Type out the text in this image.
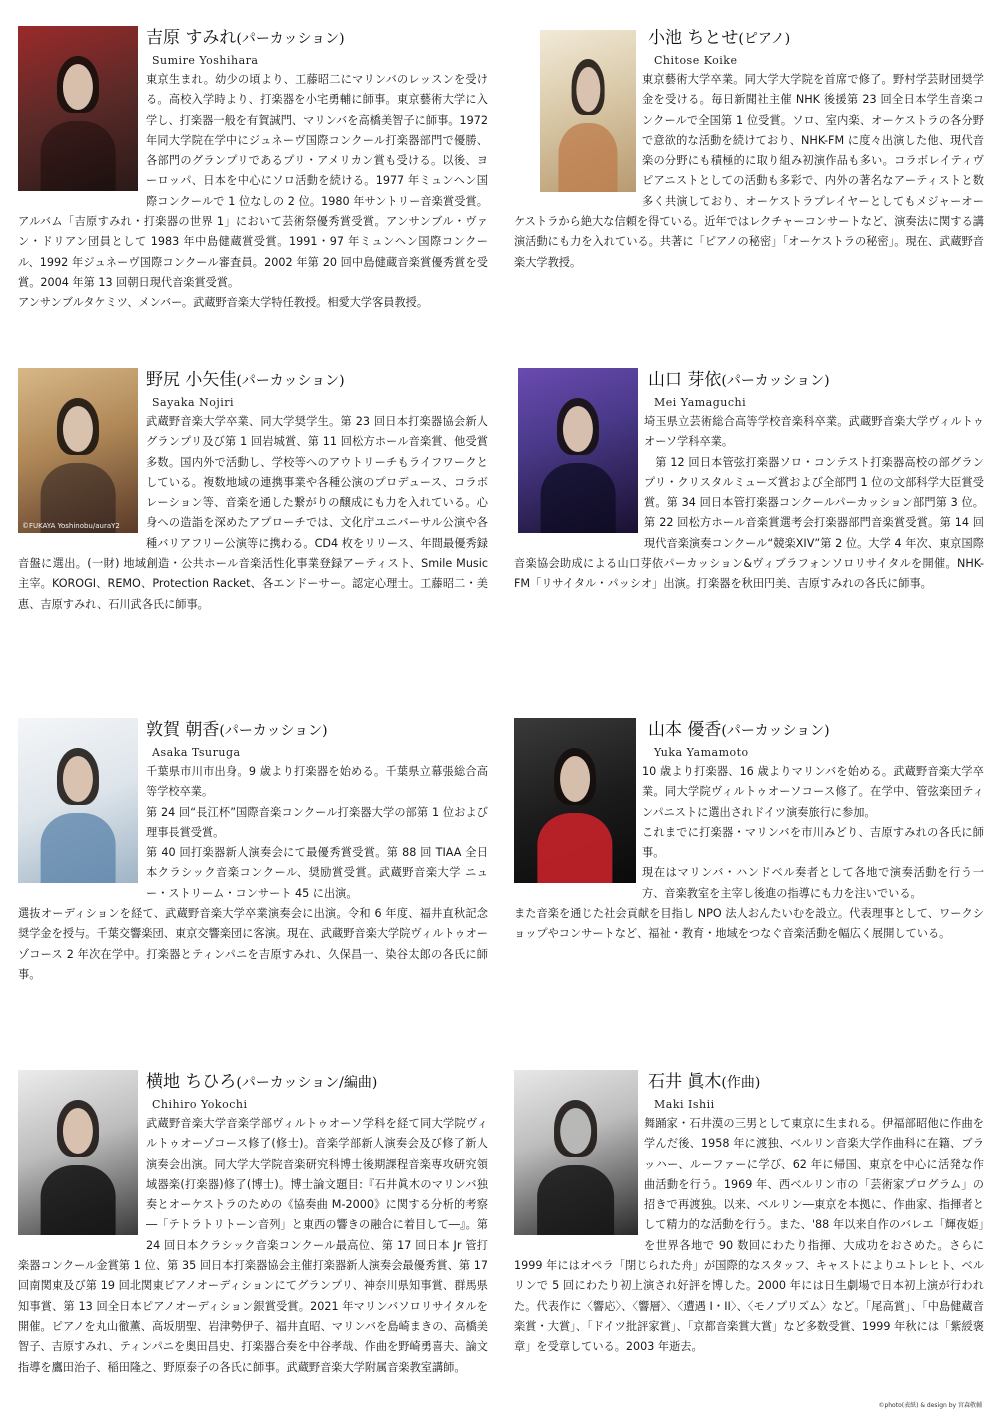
吉原 すみれ(パーカッション)
Sumire Yoshihara

東京生まれ。幼少の頃より、工藤昭二にマリンバのレッスンを受ける。高校入学時より、打楽器を小宅勇輔に師事。東京藝術大学に入学し、打楽器一般を有賀誠門、マリンバを高橋美智子に師事。1972 年同大学院在学中にジュネーヴ国際コンクール打楽器部門で優勝、各部門のグランプリであるプリ・アメリカン賞も受ける。以後、ヨーロッパ、日本を中心にソロ活動を続ける。1977 年ミュンヘン国際コンクールで 1 位なしの 2 位。1980 年サントリー音楽賞受賞。アルバム「吉原すみれ・打楽器の世界 1」において芸術祭優秀賞受賞。アンサンブル・ヴァン・ドリアン団員として 1983 年中島健蔵賞受賞。1991・97 年ミュンヘン国際コンクール、1992 年ジュネーヴ国際コンクール審査員。2002 年第 20 回中島健蔵音楽賞優秀賞を受賞。2004 年第 13 回朝日現代音楽賞受賞。

アンサンブルタケミツ、メンバー。武蔵野音楽大学特任教授。相愛大学客員教授。

小池 ちとせ(ピアノ)
Chitose Koike

東京藝術大学卒業。同大学大学院を首席で修了。野村学芸財団奨学金を受ける。毎日新聞社主催 NHK 後援第 23 回全日本学生音楽コンクールで全国第 1 位受賞。ソロ、室内楽、オーケストラの各分野で意欲的な活動を続けており、NHK-FM に度々出演した他、現代音楽の分野にも積極的に取り組み初演作品も多い。コラボレイティヴピアニストとしての活動も多彩で、内外の著名なアーティストと数多く共演しており、オーケストラプレイヤーとしてもメジャーオーケストラから絶大な信頼を得ている。近年ではレクチャーコンサートなど、演奏法に関する講演活動にも力を入れている。共著に「ピアノの秘密」「オーケストラの秘密」。現在、武蔵野音楽大学教授。

©FUKAYA Yoshinobu/auraY2
野尻 小矢佳(パーカッション)
Sayaka Nojiri

武蔵野音楽大学卒業、同大学奨学生。第 23 回日本打楽器協会新人グランプリ及び第 1 回岩城賞、第 11 回松方ホール音楽賞、他受賞多数。国内外で活動し、学校等へのアウトリーチもライフワークとしている。複数地域の連携事業や各種公演のプロデュース、コラボレーション等、音楽を通した繋がりの醸成にも力を入れている。心身への造詣を深めたアプローチでは、文化庁ユニバーサル公演や各種バリアフリー公演等に携わる。CD4 枚をリリース、年間最優秀録音盤に選出。(一財) 地域創造・公共ホール音楽活性化事業登録アーティスト、Smile Music 主宰。KOROGI、REMO、Protection Racket、各エンドーサー。認定心理士。工藤昭二・美恵、吉原すみれ、石川武各氏に師事。

山口 芽依(パーカッション)
Mei Yamaguchi

埼玉県立芸術総合高等学校音楽科卒業。武蔵野音楽大学ヴィルトゥオーソ学科卒業。

第 12 回日本管弦打楽器ソロ・コンテスト打楽器高校の部グランプリ・クリスタルミューズ賞および全部門 1 位の文部科学大臣賞受賞。第 34 回日本管打楽器コンクールパーカッション部門第 3 位。第 22 回松方ホール音楽賞選考会打楽器部門音楽賞受賞。第 14 回現代音楽演奏コンクール“競楽XIV”第 2 位。大学 4 年次、東京国際音楽協会助成による山口芽依パーカッション&ヴィブラフォンソロリサイタルを開催。NHK-FM「リサイタル・パッシオ」出演。打楽器を秋田円美、吉原すみれの各氏に師事。

敦賀 朝香(パーカッション)
Asaka Tsuruga

千葉県市川市出身。9 歳より打楽器を始める。千葉県立幕張総合高等学校卒業。

第 24 回“長江杯”国際音楽コンクール打楽器大学の部第 1 位および理事長賞受賞。

第 40 回打楽器新人演奏会にて最優秀賞受賞。第 88 回 TIAA 全日本クラシック音楽コンクール、奨励賞受賞。武蔵野音楽大学 ニュー・ストリーム・コンサート 45 に出演。

選抜オーディションを経て、武蔵野音楽大学卒業演奏会に出演。令和 6 年度、福井直秋記念奨学金を授与。千葉交響楽団、東京交響楽団に客演。現在、武蔵野音楽大学院ヴィルトゥオーゾコース 2 年次在学中。打楽器とティンパニを吉原すみれ、久保昌一、染谷太郎の各氏に師事。

山本 優香(パーカッション)
Yuka Yamamoto

10 歳より打楽器、16 歳よりマリンバを始める。武蔵野音楽大学卒業。同大学院ヴィルトゥオーソコース修了。在学中、管弦楽団ティンパニストに選出されドイツ演奏旅行に参加。

これまでに打楽器・マリンバを市川みどり、吉原すみれの各氏に師事。

現在はマリンバ・ハンドベル奏者として各地で演奏活動を行う一方、音楽教室を主宰し後進の指導にも力を注いでいる。

また音楽を通じた社会貢献を目指し NPO 法人おんたいむを設立。代表理事として、ワークショップやコンサートなど、福祉・教育・地域をつなぐ音楽活動を幅広く展開している。

横地 ちひろ(パーカッション/編曲)
Chihiro Yokochi

武蔵野音楽大学音楽学部ヴィルトゥオーソ学科を経て同大学院ヴィルトゥオーゾコース修了(修士)。音楽学部新人演奏会及び修了新人演奏会出演。同大学大学院音楽研究科博士後期課程音楽専攻研究領域器楽(打楽器)修了(博士)。博士論文題目:『石井眞木のマリンバ独奏とオーケストラのための《協奏曲 M-2000》に関する分析的考察―「テトラトリトーン音列」と東西の響きの融合に着目して―』。第 24 回日本クラシック音楽コンクール最高位、第 17 回日本 Jr 管打楽器コンクール金賞第 1 位、第 35 回日本打楽器協会主催打楽器新人演奏会最優秀賞、第 17 回南関東及び第 19 回北関東ピアノオーディションにてグランプリ、神奈川県知事賞、群馬県知事賞、第 13 回全日本ピアノオーディション銀賞受賞。2021 年マリンバソロリサイタルを開催。ピアノを丸山徹薫、高坂朋聖、岩津勢伊子、福井直昭、マリンバを島崎まきの、高橋美智子、吉原すみれ、ティンパニを奥田昌史、打楽器合奏を中谷孝哉、作曲を野崎勇喜夫、論文指導を鷹田治子、稲田隆之、野原泰子の各氏に師事。武蔵野音楽大学附属音楽教室講師。

石井 眞木(作曲)
Maki Ishii

舞踊家・石井漠の三男として東京に生まれる。伊福部昭他に作曲を学んだ後、1958 年に渡独、ベルリン音楽大学作曲科に在籍、ブラッハー、ルーファーに学び、62 年に帰国、東京を中心に活発な作曲活動を行う。1969 年、西ベルリン市の「芸術家プログラム」の招きで再渡独。以来、ベルリン―東京を本拠に、作曲家、指揮者として精力的な活動を行う。また、'88 年以来自作のバレエ「輝夜姫」を世界各地で 90 数回にわたり指揮、大成功をおさめた。さらに 1999 年にはオペラ「閉じられた舟」が国際的なスタッフ、キャストによりユトレヒト、ベルリンで 5 回にわたり初上演され好評を博した。2000 年には日生劇場で日本初上演が行われた。代表作に〈響応〉、〈響層〉、〈遭遇 I・II〉、〈モノプリズム〉など。「尾高賞」、「中島健蔵音楽賞・大賞」、「ドイツ批評家賞」、「京都音楽賞大賞」など多数受賞、1999 年秋には「紫綬褒章」を受章している。2003 年逝去。

©photo(表紙) & design by 宮森敬輔
